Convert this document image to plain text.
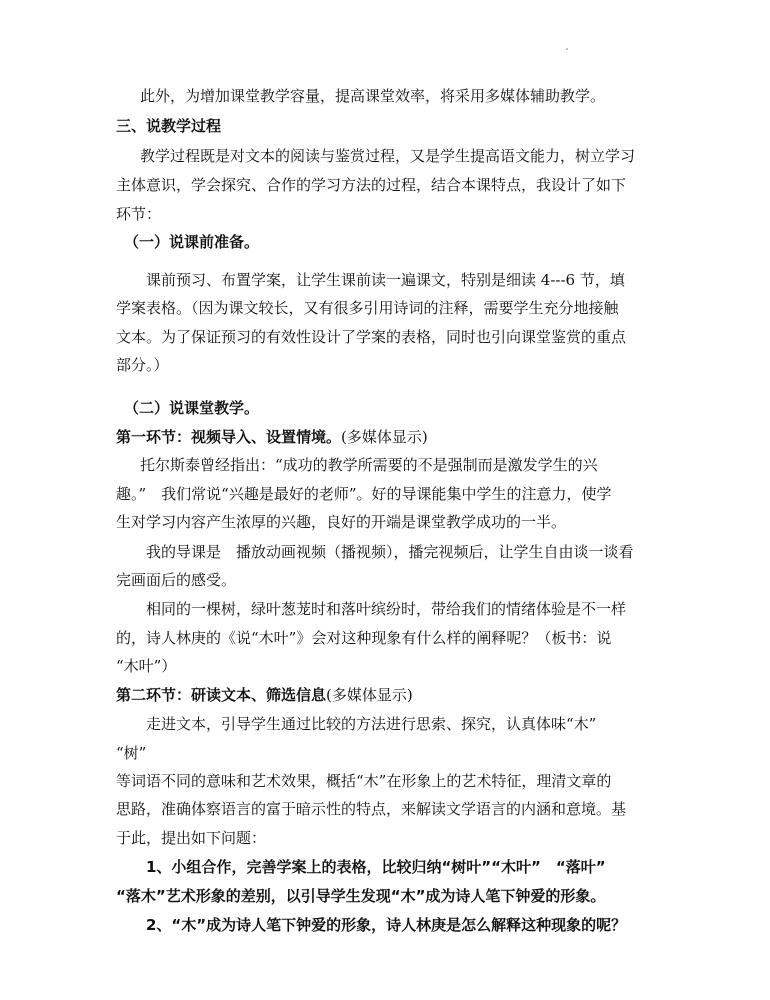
此外，为增加课堂教学容量，提高课堂效率，将采用多媒体辅助教学。
三、说教学过程
教学过程既是对文本的阅读与鉴赏过程，又是学生提高语文能力，树立学习
主体意识，学会探究、合作的学习方法的过程，结合本课特点，我设计了如下
环节：
（一）说课前准备。
课前预习、布置学案，让学生课前读一遍课文，特别是细读 4---6 节，填
学案表格。（因为课文较长，又有很多引用诗词的注释，需要学生充分地接触
文本。为了保证预习的有效性设计了学案的表格，同时也引向课堂鉴赏的重点
部分。）
（二）说课堂教学。
第一环节：视频导入、设置情境。(多媒体显示)
托尔斯泰曾经指出：“成功的教学所需要的不是强制而是激发学生的兴
趣。”　我们常说“兴趣是最好的老师”。好的导课能集中学生的注意力，使学
生对学习内容产生浓厚的兴趣，良好的开端是课堂教学成功的一半。
我的导课是　播放动画视频（播视频），播完视频后，让学生自由谈一谈看
完画面后的感受。
相同的一棵树，绿叶葱茏时和落叶缤纷时，带给我们的情绪体验是不一样
的，诗人林庚的《说“木叶”》会对这种现象有什么样的阐释呢？（板书：说
“木叶”）
第二环节：研读文本、筛选信息(多媒体显示)
走进文本，引导学生通过比较的方法进行思索、探究，认真体味“木”
“树”
等词语不同的意味和艺术效果，概括“木”在形象上的艺术特征，理清文章的
思路，准确体察语言的富于暗示性的特点，来解读文学语言的内涵和意境。基
于此，提出如下问题：
1、小组合作，完善学案上的表格，比较归纳“树叶”“木叶”　“落叶”
“落木”艺术形象的差别，以引导学生发现“木”成为诗人笔下钟爱的形象。
2、“木”成为诗人笔下钟爱的形象，诗人林庚是怎么解释这种现象的呢？
